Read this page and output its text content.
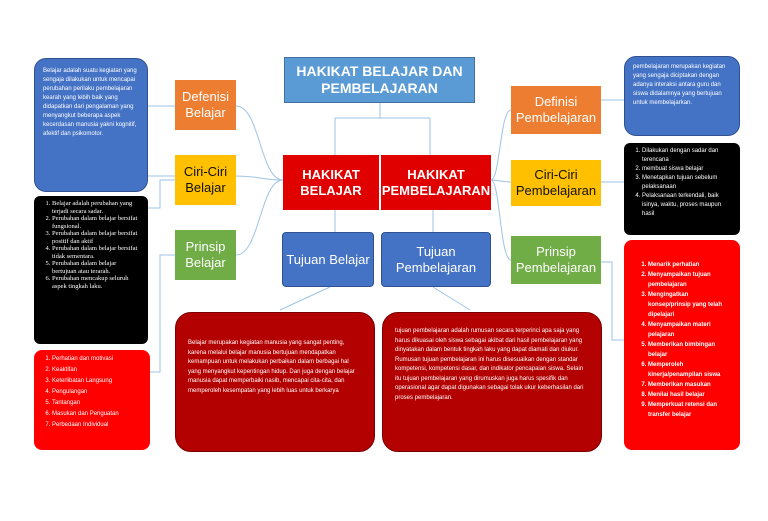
HAKIKAT BELAJAR DAN PEMBELAJARAN
HAKIKAT BELAJAR
HAKIKAT PEMBELAJARAN
Tujuan Belajar
Tujuan Pembelajaran
Defenisi Belajar
Ciri-Ciri Belajar
Prinsip Belajar
Definisi Pembelajaran
Ciri-Ciri Pembelajaran
Prinsip Pembelajaran
Belajar adalah suatu kegiatan yang sengaja dilakukan untuk mencapai perubahan perilaku pembelajaran kearah yang lebih baik yang didapatkan dari pengalaman yang menyangkut beberapa aspek kecerdasan manusia yakni kognitif, afektif dan psikomotor.
1. Belajar adalah perubahan yang terjadi secara sadar.
2. Perubahan dalam belajar bersifat fungsional.
3. Perubahan dalam belajar bersifat positif dan aktif
4. Perubahan dalam belajar bersifat tidak sementara.
5. Perubahan dalam belajar bertujuan atau terarah.
6. Perubahan mencakup seluruh aspek tingkah laku.
1. Perhatian dan motivasi
2. Keaktifan
3. Keterlibatan Langsung
4. Pengulangan
5. Tantangan
6. Masukan dan Penguatan
7. Perbedaan Individual
pembelajaran merupakan kegiatan yang sengaja diciptakan dengan adanya interaksi antara guru dan siswa didalamnya yang bertujuan untuk membelajarkan.
1. Dilakukan dengan sadar dan terencana
2. membuat siswa belajar
3. Menetapkan tujuan sebelum pelaksanaan
4. Pelaksanaan terkendali, baik isinya, waktu, proses maupun hasil
1. Menarik perhatian
2. Menyampaikan tujuan pembelajaran
3. Mengingatkan konsep/prinsip yang telah dipelajari
4. Menyampaikan materi pelajaran
5. Memberikan bimbingan belajar
6. Memperoleh kinerja/penampilan siswa
7. Memberikan masukan
8. Menilai hasil belajar
9. Memperkuat retensi dan transfer belajar
Belajar merupakan kegiatan manusia yang sangat penting, karena melalui belajar manusia bertujuan mendapatkan kemampuan untuk melakukan perbaikan dalam berbagai hal yang menyangkut kepentingan hidup. Dan juga dengan belajar manusia dapat memperbaiki nasib, mencapai cita-cita, dan memperoleh kesempatan yang lebih luas untuk berkarya
tujuan pembelajaran adalah rumusan secara terperinci apa saja yang harus dikuasai oleh siswa sebagai akibat dari hasil pembelajaran yang dinyatakan dalam bentuk tingkah laku yang dapat diamati dan diukur. Rumusan tujuan pembelajaran ini harus disesuaikan dengan standar kompetensi, kompetensi dasar, dan indikator pencapaian siswa. Selain itu tujuan pembelajaran yang dirumuskan juga harus spesifik dan operasional agar dapat digunakan sebagai tolak ukur keberhasilan dari proses pembelajaran.
